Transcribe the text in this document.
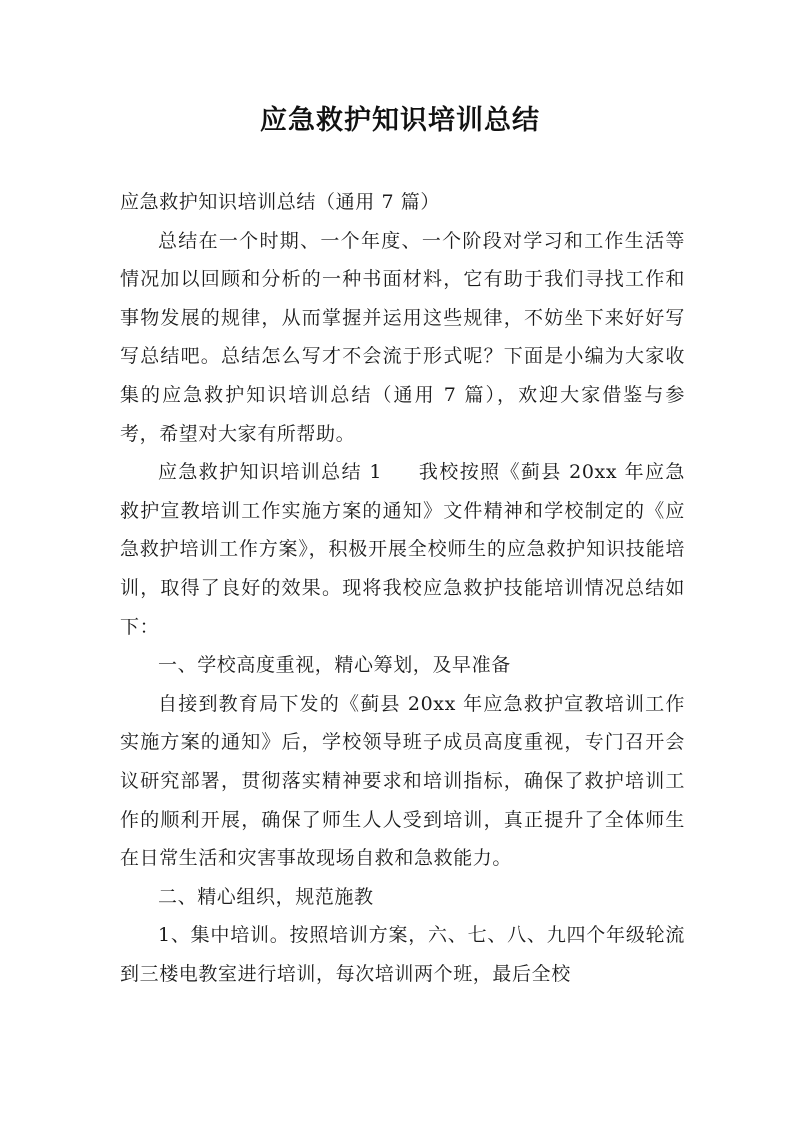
应急救护知识培训总结

应急救护知识培训总结（通用 7 篇）

总结在一个时期、一个年度、一个阶段对学习和工作生活等情况加以回顾和分析的一种书面材料，它有助于我们寻找工作和事物发展的规律，从而掌握并运用这些规律，不妨坐下来好好写写总结吧。总结怎么写才不会流于形式呢？下面是小编为大家收集的应急救护知识培训总结（通用 7 篇），欢迎大家借鉴与参考，希望对大家有所帮助。

应急救护知识培训总结 1 我校按照《蓟县 20xx 年应急救护宣教培训工作实施方案的通知》文件精神和学校制定的《应急救护培训工作方案》，积极开展全校师生的应急救护知识技能培训，取得了良好的效果。现将我校应急救护技能培训情况总结如下：

一、学校高度重视，精心筹划，及早准备

自接到教育局下发的《蓟县 20xx 年应急救护宣教培训工作实施方案的通知》后，学校领导班子成员高度重视，专门召开会议研究部署，贯彻落实精神要求和培训指标，确保了救护培训工作的顺利开展，确保了师生人人受到培训，真正提升了全体师生在日常生活和灾害事故现场自救和急救能力。

二、精心组织，规范施教

1、集中培训。按照培训方案，六、七、八、九四个年级轮流到三楼电教室进行培训，每次培训两个班，最后全校
